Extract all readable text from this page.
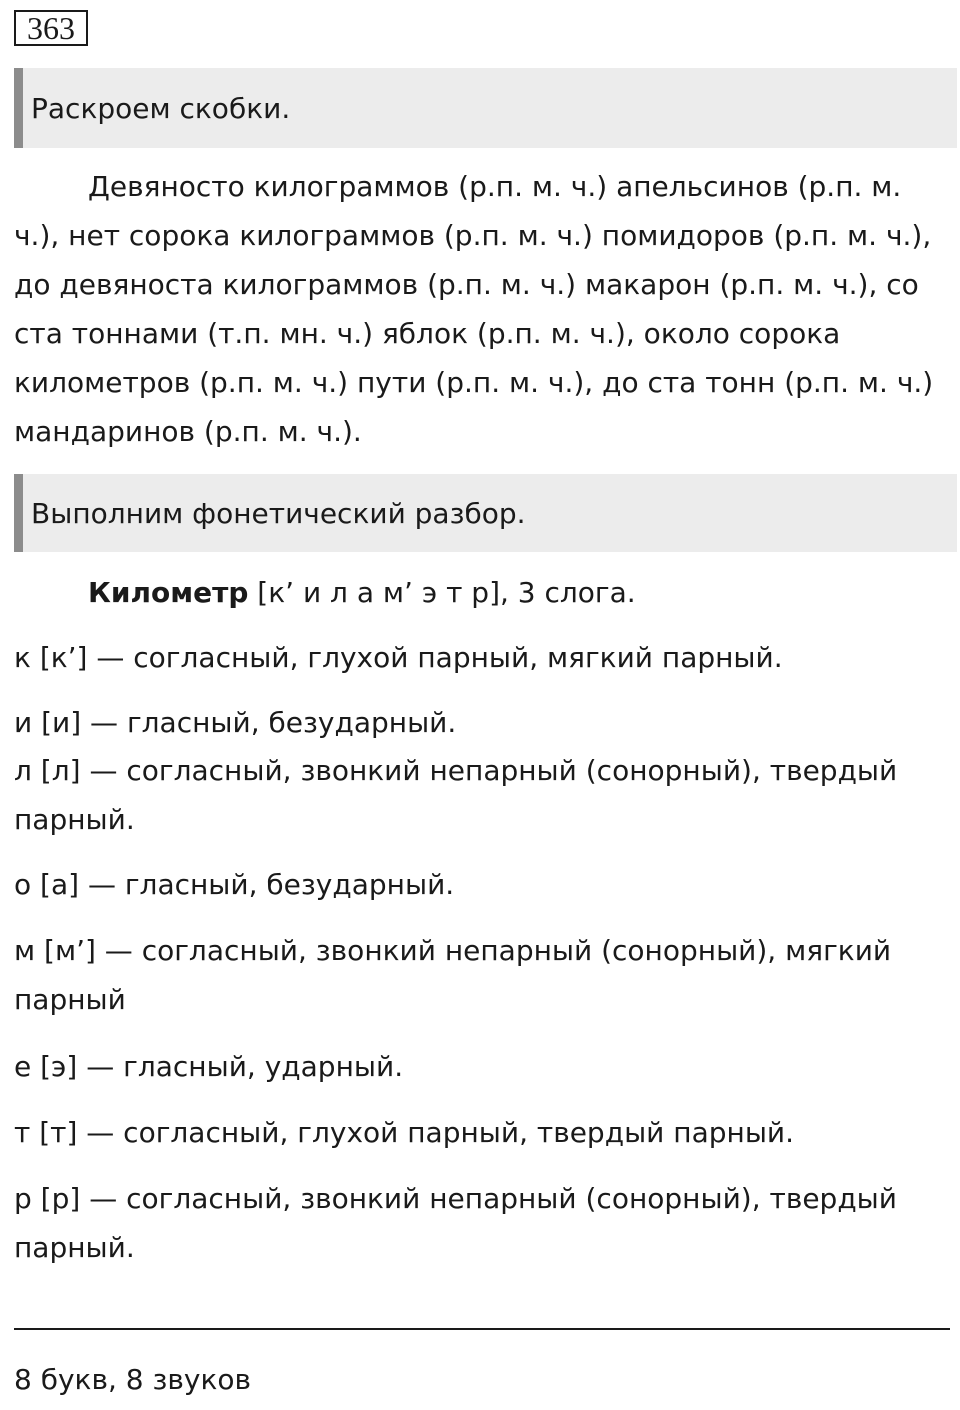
363
Раскроем скобки.
Девяносто килограммов (р.п. м. ч.) апельсинов (р.п. м. ч.), нет сорока килограммов (р.п. м. ч.) помидоров (р.п. м. ч.), до девяноста килограммов (р.п. м. ч.) макарон (р.п. м. ч.), со ста тоннами (т.п. мн. ч.) яблок (р.п. м. ч.), около сорока километров (р.п. м. ч.) пути (р.п. м. ч.), до ста тонн (р.п. м. ч.) мандаринов (р.п. м. ч.).
Выполним фонетический разбор.
Километр [к’ и л а м’ э т р], 3 слога.
к [к’] — согласный, глухой парный, мягкий парный.
и [и] — гласный, безударный.
л [л] — согласный, звонкий непарный (сонорный), твердый парный.
о [а] — гласный, безударный.
м [м’] — согласный, звонкий непарный (сонорный), мягкий парный
е [э] — гласный, ударный.
т [т] — согласный, глухой парный, твердый парный.
р [р] — согласный, звонкий непарный (сонорный), твердый парный.
8 букв, 8 звуков
